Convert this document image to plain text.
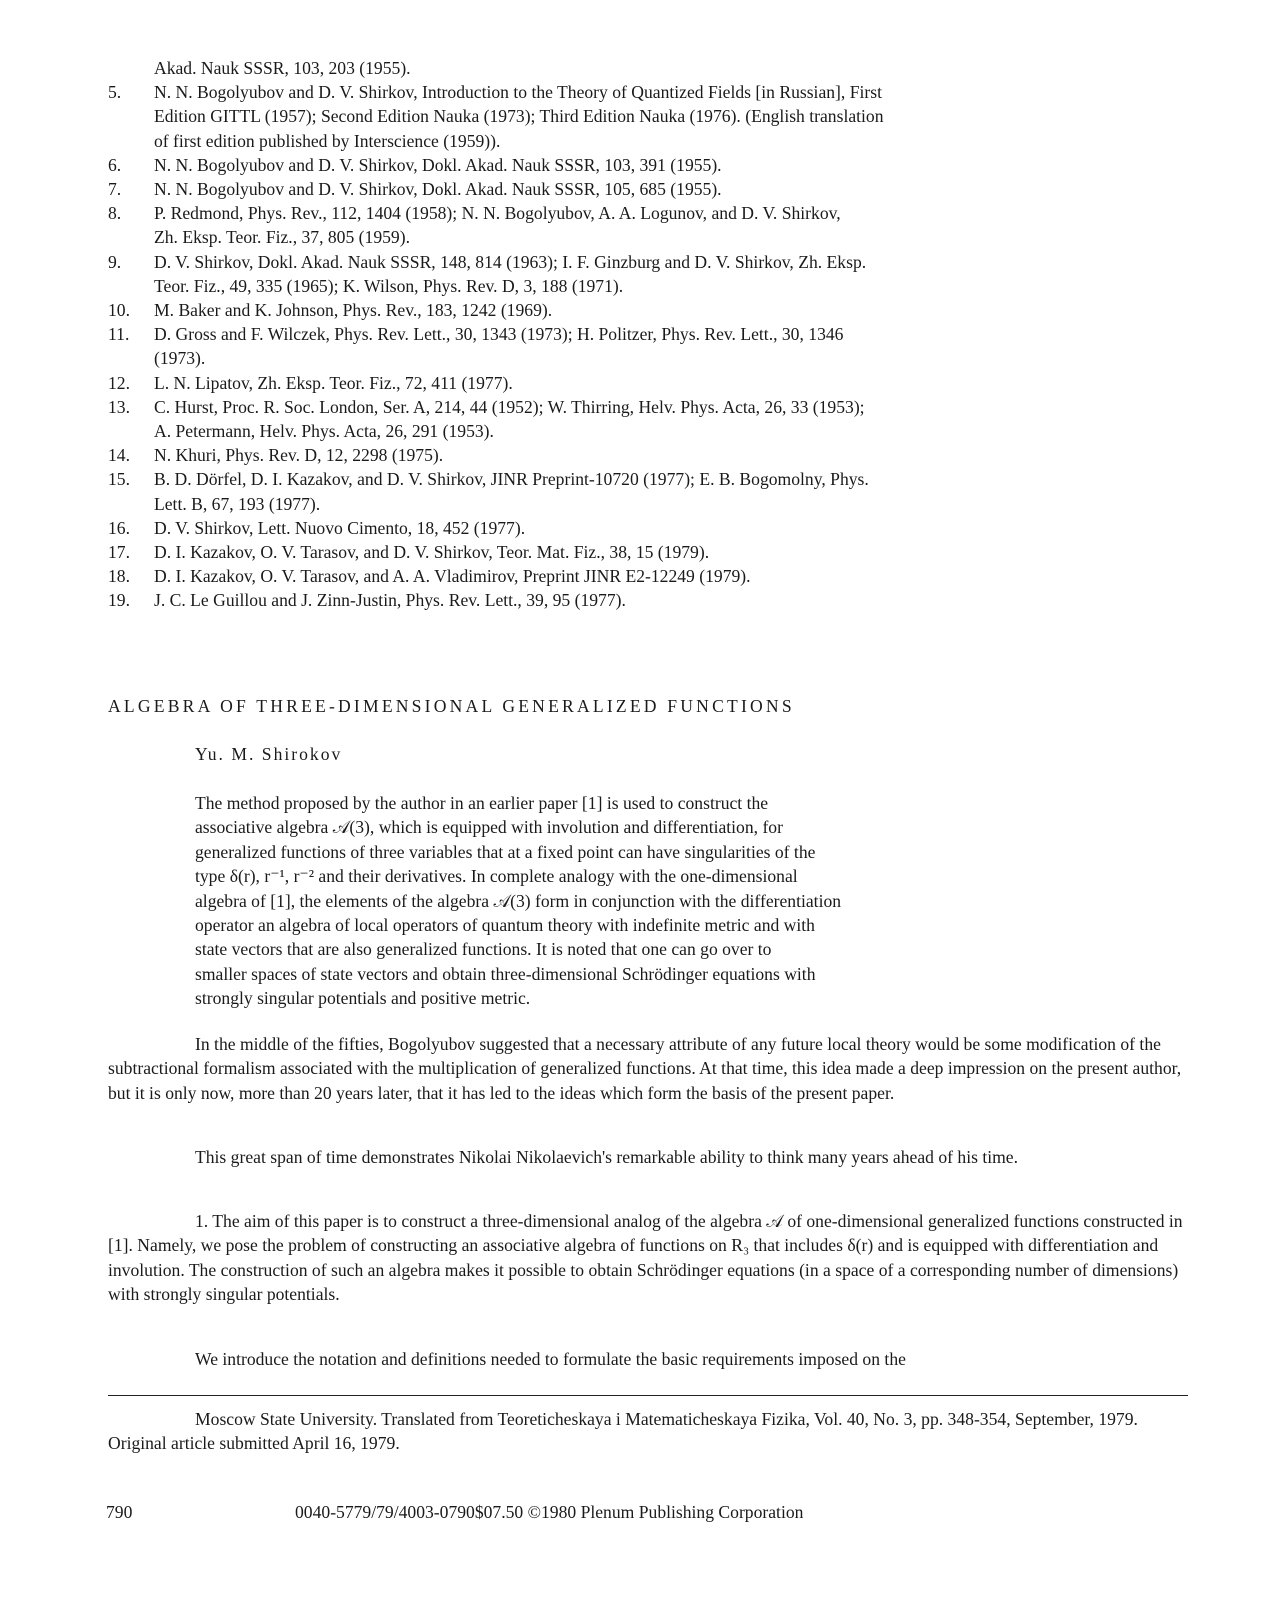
Akad. Nauk SSSR, 103, 203 (1955).
5.	N. N. Bogolyubov and D. V. Shirkov, Introduction to the Theory of Quantized Fields [in Russian], First
Edition GITTL (1957); Second Edition Nauka (1973); Third Edition Nauka (1976). (English translation
of first edition published by Interscience (1959)).
6.	N. N. Bogolyubov and D. V. Shirkov, Dokl. Akad. Nauk SSSR, 103, 391 (1955).
7.	N. N. Bogolyubov and D. V. Shirkov, Dokl. Akad. Nauk SSSR, 105, 685 (1955).
8.	P. Redmond, Phys. Rev., 112, 1404 (1958); N. N. Bogolyubov, A. A. Logunov, and D. V. Shirkov,
Zh. Eksp. Teor. Fiz., 37, 805 (1959).
9.	D. V. Shirkov, Dokl. Akad. Nauk SSSR, 148, 814 (1963); I. F. Ginzburg and D. V. Shirkov, Zh. Eksp.
Teor. Fiz., 49, 335 (1965); K. Wilson, Phys. Rev. D, 3, 188 (1971).
10.	M. Baker and K. Johnson, Phys. Rev., 183, 1242 (1969).
11.	D. Gross and F. Wilczek, Phys. Rev. Lett., 30, 1343 (1973); H. Politzer, Phys. Rev. Lett., 30, 1346
(1973).
12.	L. N. Lipatov, Zh. Eksp. Teor. Fiz., 72, 411 (1977).
13.	C. Hurst, Proc. R. Soc. London, Ser. A, 214, 44 (1952); W. Thirring, Helv. Phys. Acta, 26, 33 (1953);
A. Petermann, Helv. Phys. Acta, 26, 291 (1953).
14.	N. Khuri, Phys. Rev. D, 12, 2298 (1975).
15.	B. D. Dörfel, D. I. Kazakov, and D. V. Shirkov, JINR Preprint-10720 (1977); E. B. Bogomolny, Phys.
Lett. B, 67, 193 (1977).
16.	D. V. Shirkov, Lett. Nuovo Cimento, 18, 452 (1977).
17.	D. I. Kazakov, O. V. Tarasov, and D. V. Shirkov, Teor. Mat. Fiz., 38, 15 (1979).
18.	D. I. Kazakov, O. V. Tarasov, and A. A. Vladimirov, Preprint JINR E2-12249 (1979).
19.	J. C. Le Guillou and J. Zinn-Justin, Phys. Rev. Lett., 39, 95 (1977).
ALGEBRA OF THREE-DIMENSIONAL GENERALIZED FUNCTIONS
Yu. M. Shirokov
The method proposed by the author in an earlier paper [1] is used to construct the
associative algebra 𝒜(3), which is equipped with involution and differentiation, for
generalized functions of three variables that at a fixed point can have singularities of the
type δ(r), r⁻¹, r⁻² and their derivatives. In complete analogy with the one-dimensional
algebra of [1], the elements of the algebra 𝒜(3) form in conjunction with the differentiation
operator an algebra of local operators of quantum theory with indefinite metric and with
state vectors that are also generalized functions. It is noted that one can go over to
smaller spaces of state vectors and obtain three-dimensional Schrödinger equations with
strongly singular potentials and positive metric.

In the middle of the fifties, Bogolyubov suggested that a necessary attribute of any future local theory would be some modification of the subtractional formalism associated with the multiplication of generalized functions. At that time, this idea made a deep impression on the present author, but it is only now, more than 20 years later, that it has led to the ideas which form the basis of the present paper.

This great span of time demonstrates Nikolai Nikolaevich's remarkable ability to think many years ahead of his time.

1. The aim of this paper is to construct a three-dimensional analog of the algebra 𝒜 of one-dimensional generalized functions constructed in [1]. Namely, we pose the problem of constructing an associative algebra of functions on R₃ that includes δ(r) and is equipped with differentiation and involution. The construction of such an algebra makes it possible to obtain Schrödinger equations (in a space of a corresponding number of dimensions) with strongly singular potentials.

We introduce the notation and definitions needed to formulate the basic requirements imposed on the

Moscow State University. Translated from Teoreticheskaya i Matematicheskaya Fizika, Vol. 40, No. 3, pp. 348-354, September, 1979. Original article submitted April 16, 1979.
790	0040-5779/79/4003-0790$07.50 ©1980 Plenum Publishing Corporation
